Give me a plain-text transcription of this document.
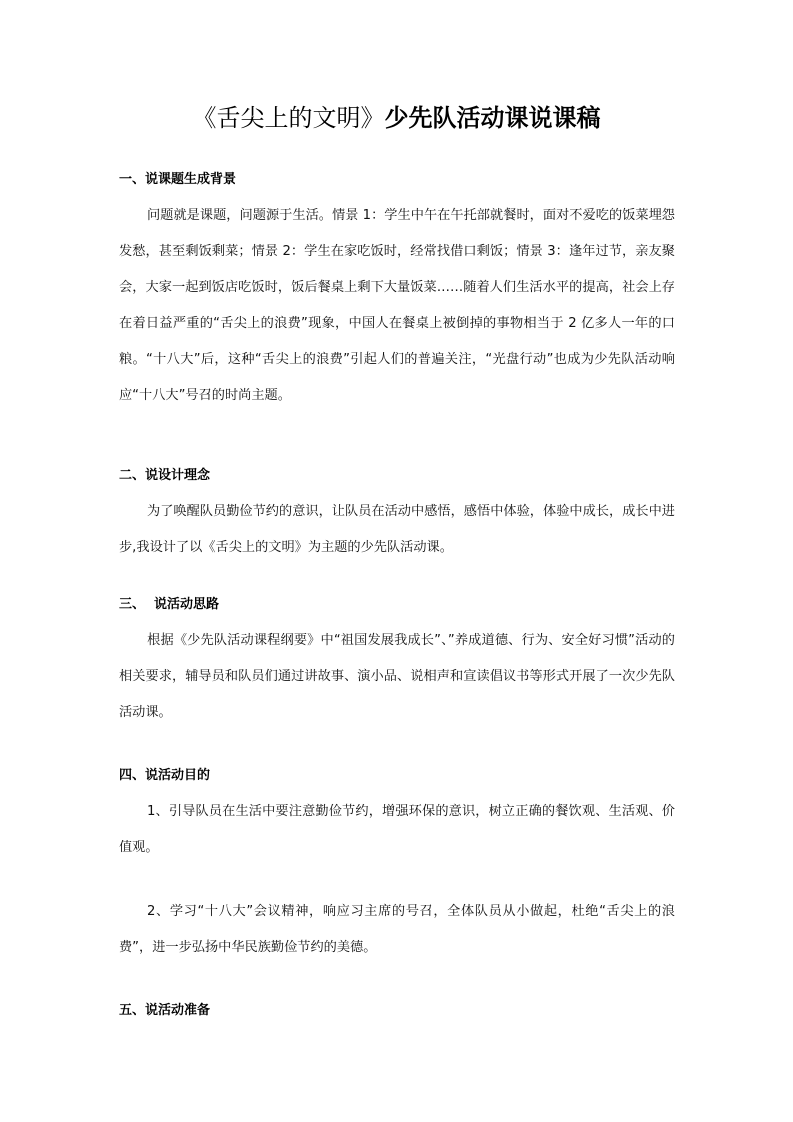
《舌尖上的文明》少先队活动课说课稿
一、说课题生成背景
问题就是课题，问题源于生活。情景 1：学生中午在午托部就餐时，面对不爱吃的饭菜埋怨发愁，甚至剩饭剩菜；情景 2：学生在家吃饭时，经常找借口剩饭；情景 3：逢年过节，亲友聚会，大家一起到饭店吃饭时，饭后餐桌上剩下大量饭菜……随着人们生活水平的提高，社会上存在着日益严重的“舌尖上的浪费”现象，中国人在餐桌上被倒掉的事物相当于 2 亿多人一年的口粮。“十八大”后，这种“舌尖上的浪费”引起人们的普遍关注，“光盘行动”也成为少先队活动响应“十八大”号召的时尚主题。
二、说设计理念
为了唤醒队员勤俭节约的意识，让队员在活动中感悟，感悟中体验，体验中成长，成长中进步,我设计了以《舌尖上的文明》为主题的少先队活动课。
三、  说活动思路
根据《少先队活动课程纲要》中“祖国发展我成长”、”养成道德、行为、安全好习惯”活动的相关要求，辅导员和队员们通过讲故事、演小品、说相声和宣读倡议书等形式开展了一次少先队活动课。
四、说活动目的
1、引导队员在生活中要注意勤俭节约，增强环保的意识，树立正确的餐饮观、生活观、价值观。
2、学习“十八大”会议精神，响应习主席的号召，全体队员从小做起，杜绝“舌尖上的浪费”，进一步弘扬中华民族勤俭节约的美德。
五、说活动准备
